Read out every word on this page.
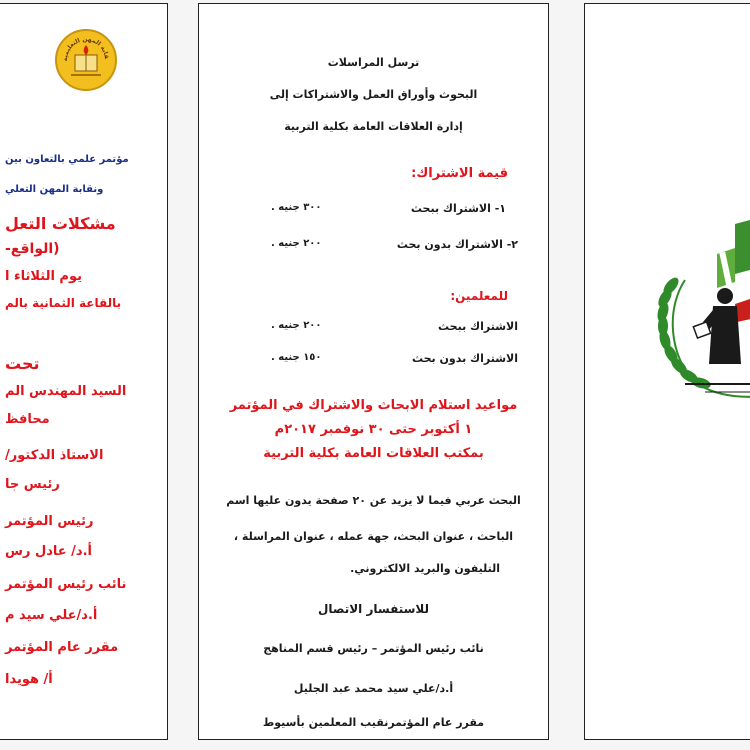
قابة المهن التعليمية
مؤتمر علمي بالتعاون بين
ونقابة المهن التعلي
مشكلات التعل
(الواقع-
يوم الثلاثاء ا
بالقاعة الثمانية بالم
تحت
السيد المهندس الم
محافظ
الاستاذ الدكتور/
رئيس جا
رئيس المؤتمر
أ.د/ عادل رس
نائب رئيس المؤتمر
أ.د/علي سيد م
مقرر عام المؤتمر
أ/ هويدا
ترسل المراسلات
البحوث وأوراق العمل والاشتراكات إلى
إدارة العلاقات العامة بكلية التربية
قيمة الاشتراك:
١- الاشتراك ببحث
٣٠٠ جنيه .
٢- الاشتراك بدون بحث
٢٠٠ جنيه .
للمعلمين:
الاشتراك ببحث
٢٠٠ جنيه .
الاشتراك بدون بحث
١٥٠ جنيه .
مواعيد استلام الابحاث والاشتراك في المؤتمر
١ أكتوبر حتى ٣٠ نوفمبر ٢٠١٧م
بمكتب العلاقات العامة بكلية التربية
البحث عربي فيما لا يزيد عن ٢٠ صفحة يدون عليها اسم
الباحث ، عنوان البحث، جهة عمله ، عنوان المراسلة ،
التليفون والبريد الالكتروني.
للاستفسار الاتصال
نائب رئيس المؤتمر – رئيس قسم المناهج
أ.د/علي سيد محمد عبد الجليل
مقرر عام المؤتمرنقيب المعلمين بأسيوط
